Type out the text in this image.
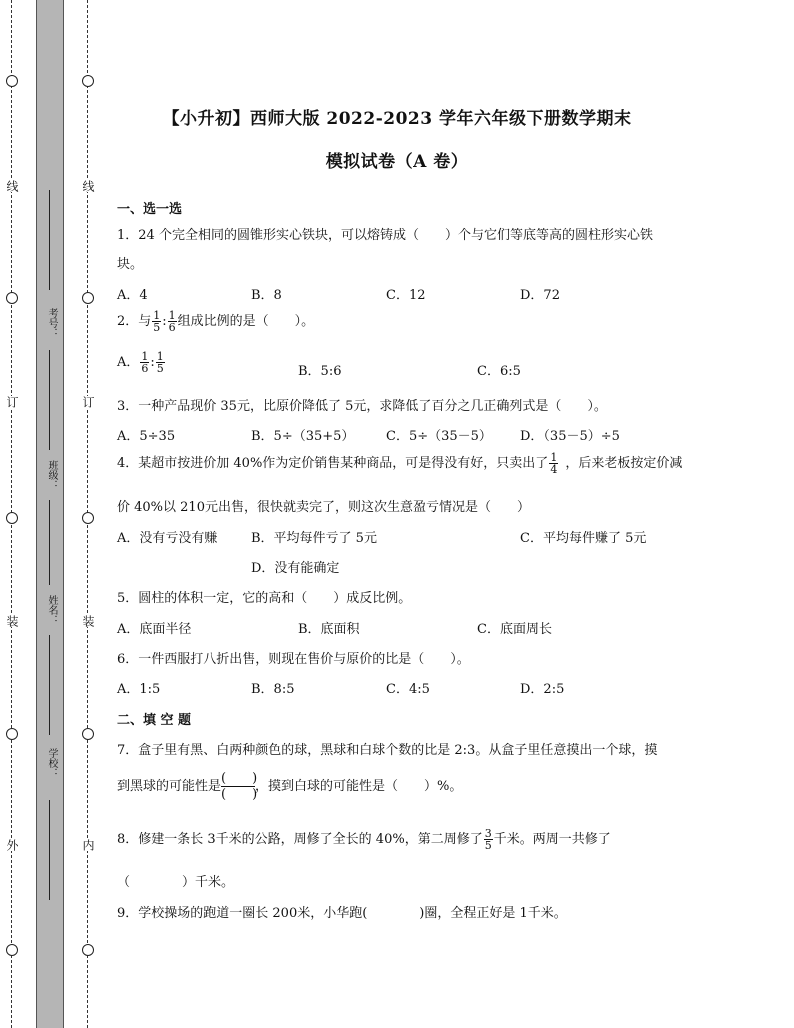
线
订
装
外
线
订
装
内
考号：
班级：
姓名：
学校：
【小升初】西师大版 2022-2023 学年六年级下册数学期末
模拟试卷（A 卷）
一、选一选
1．24 个完全相同的圆锥形实心铁块，可以熔铸成（　　）个与它们等底等高的圆柱形实心铁
块。
A．4	B．8	C．12	D．72
2．与 $\frac{1}{5}$ : $\frac{1}{6}$ 组成比例的是（　　）。
A． $\frac{1}{6}$ : $\frac{1}{5}$	B．5:6	C．6:5
3．一种产品现价 35元，比原价降低了 5元，求降低了百分之几正确列式是（　　）。
A．5÷35	B．5÷（35+5） C．5÷（35－5） D．（35－5）÷5
4．某超市按进价加 40%作为定价销售某种商品，可是得没有好，只卖出了 $\frac{1}{4}$ ，后来老板按定价减
价 40%以 210元出售，很快就卖完了，则这次生意盈亏情况是（　　）
A．没有亏没有赚	B．平均每件亏了 5元	C．平均每件赚了 5元
D．没有能确定
5．圆柱的体积一定，它的高和（　　）成反比例。
A．底面半径	B．底面积	C．底面周长
6．一件西服打八折出售，则现在售价与原价的比是（　　）。
A．1:5	B．8:5	C．4:5	D．2:5
二、填 空 题
7．盒子里有黑、白两种颜色的球，黑球和白球个数的比是 2:3。从盒子里任意摸出一个球，摸
到黑球的可能性是 $\frac{( )}{( )}$，摸到白球的可能性是（　　）%。
8．修建一条长 3千米的公路，周修了全长的 40%，第二周修了 $\frac{3}{5}$ 千米。两周一共修了
（　　　　）千米。
9．学校操场的跑道一圈长 200米，小华跑(　　　　)圈，全程正好是 1千米。
